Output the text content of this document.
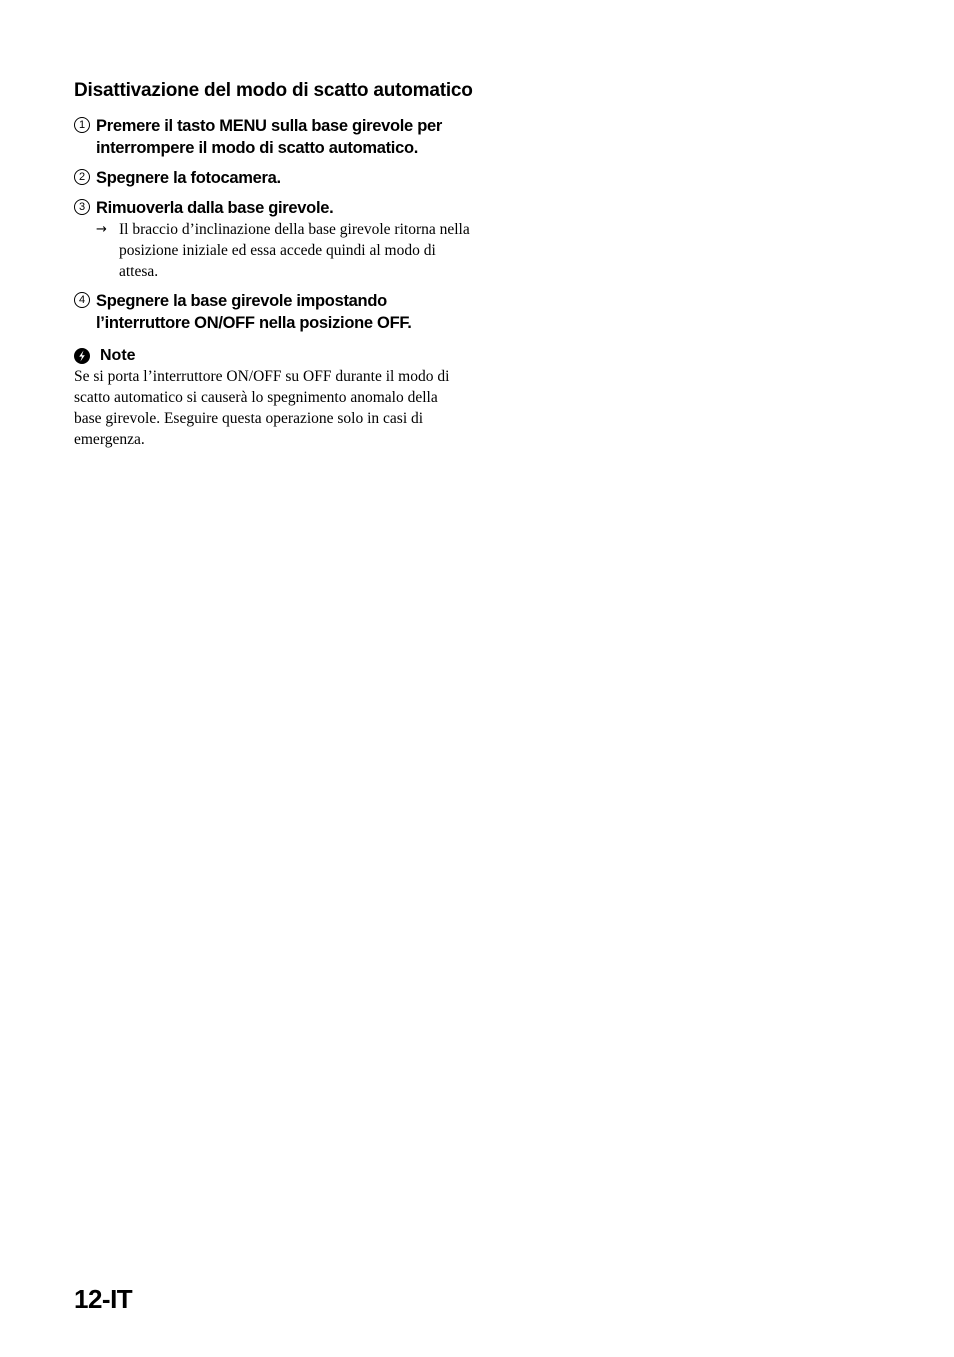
Disattivazione del modo di scatto automatico
1 Premere il tasto MENU sulla base girevole per interrompere il modo di scatto automatico.
2 Spegnere la fotocamera.
3 Rimuoverla dalla base girevole.
→ Il braccio d’inclinazione della base girevole ritorna nella posizione iniziale ed essa accede quindi al modo di attesa.
4 Spegnere la base girevole impostando l’interruttore ON/OFF nella posizione OFF.
Note

Se si porta l’interruttore ON/OFF su OFF durante il modo di scatto automatico si causerà lo spegnimento anomalo della base girevole. Eseguire questa operazione solo in casi di emergenza.

12-IT
